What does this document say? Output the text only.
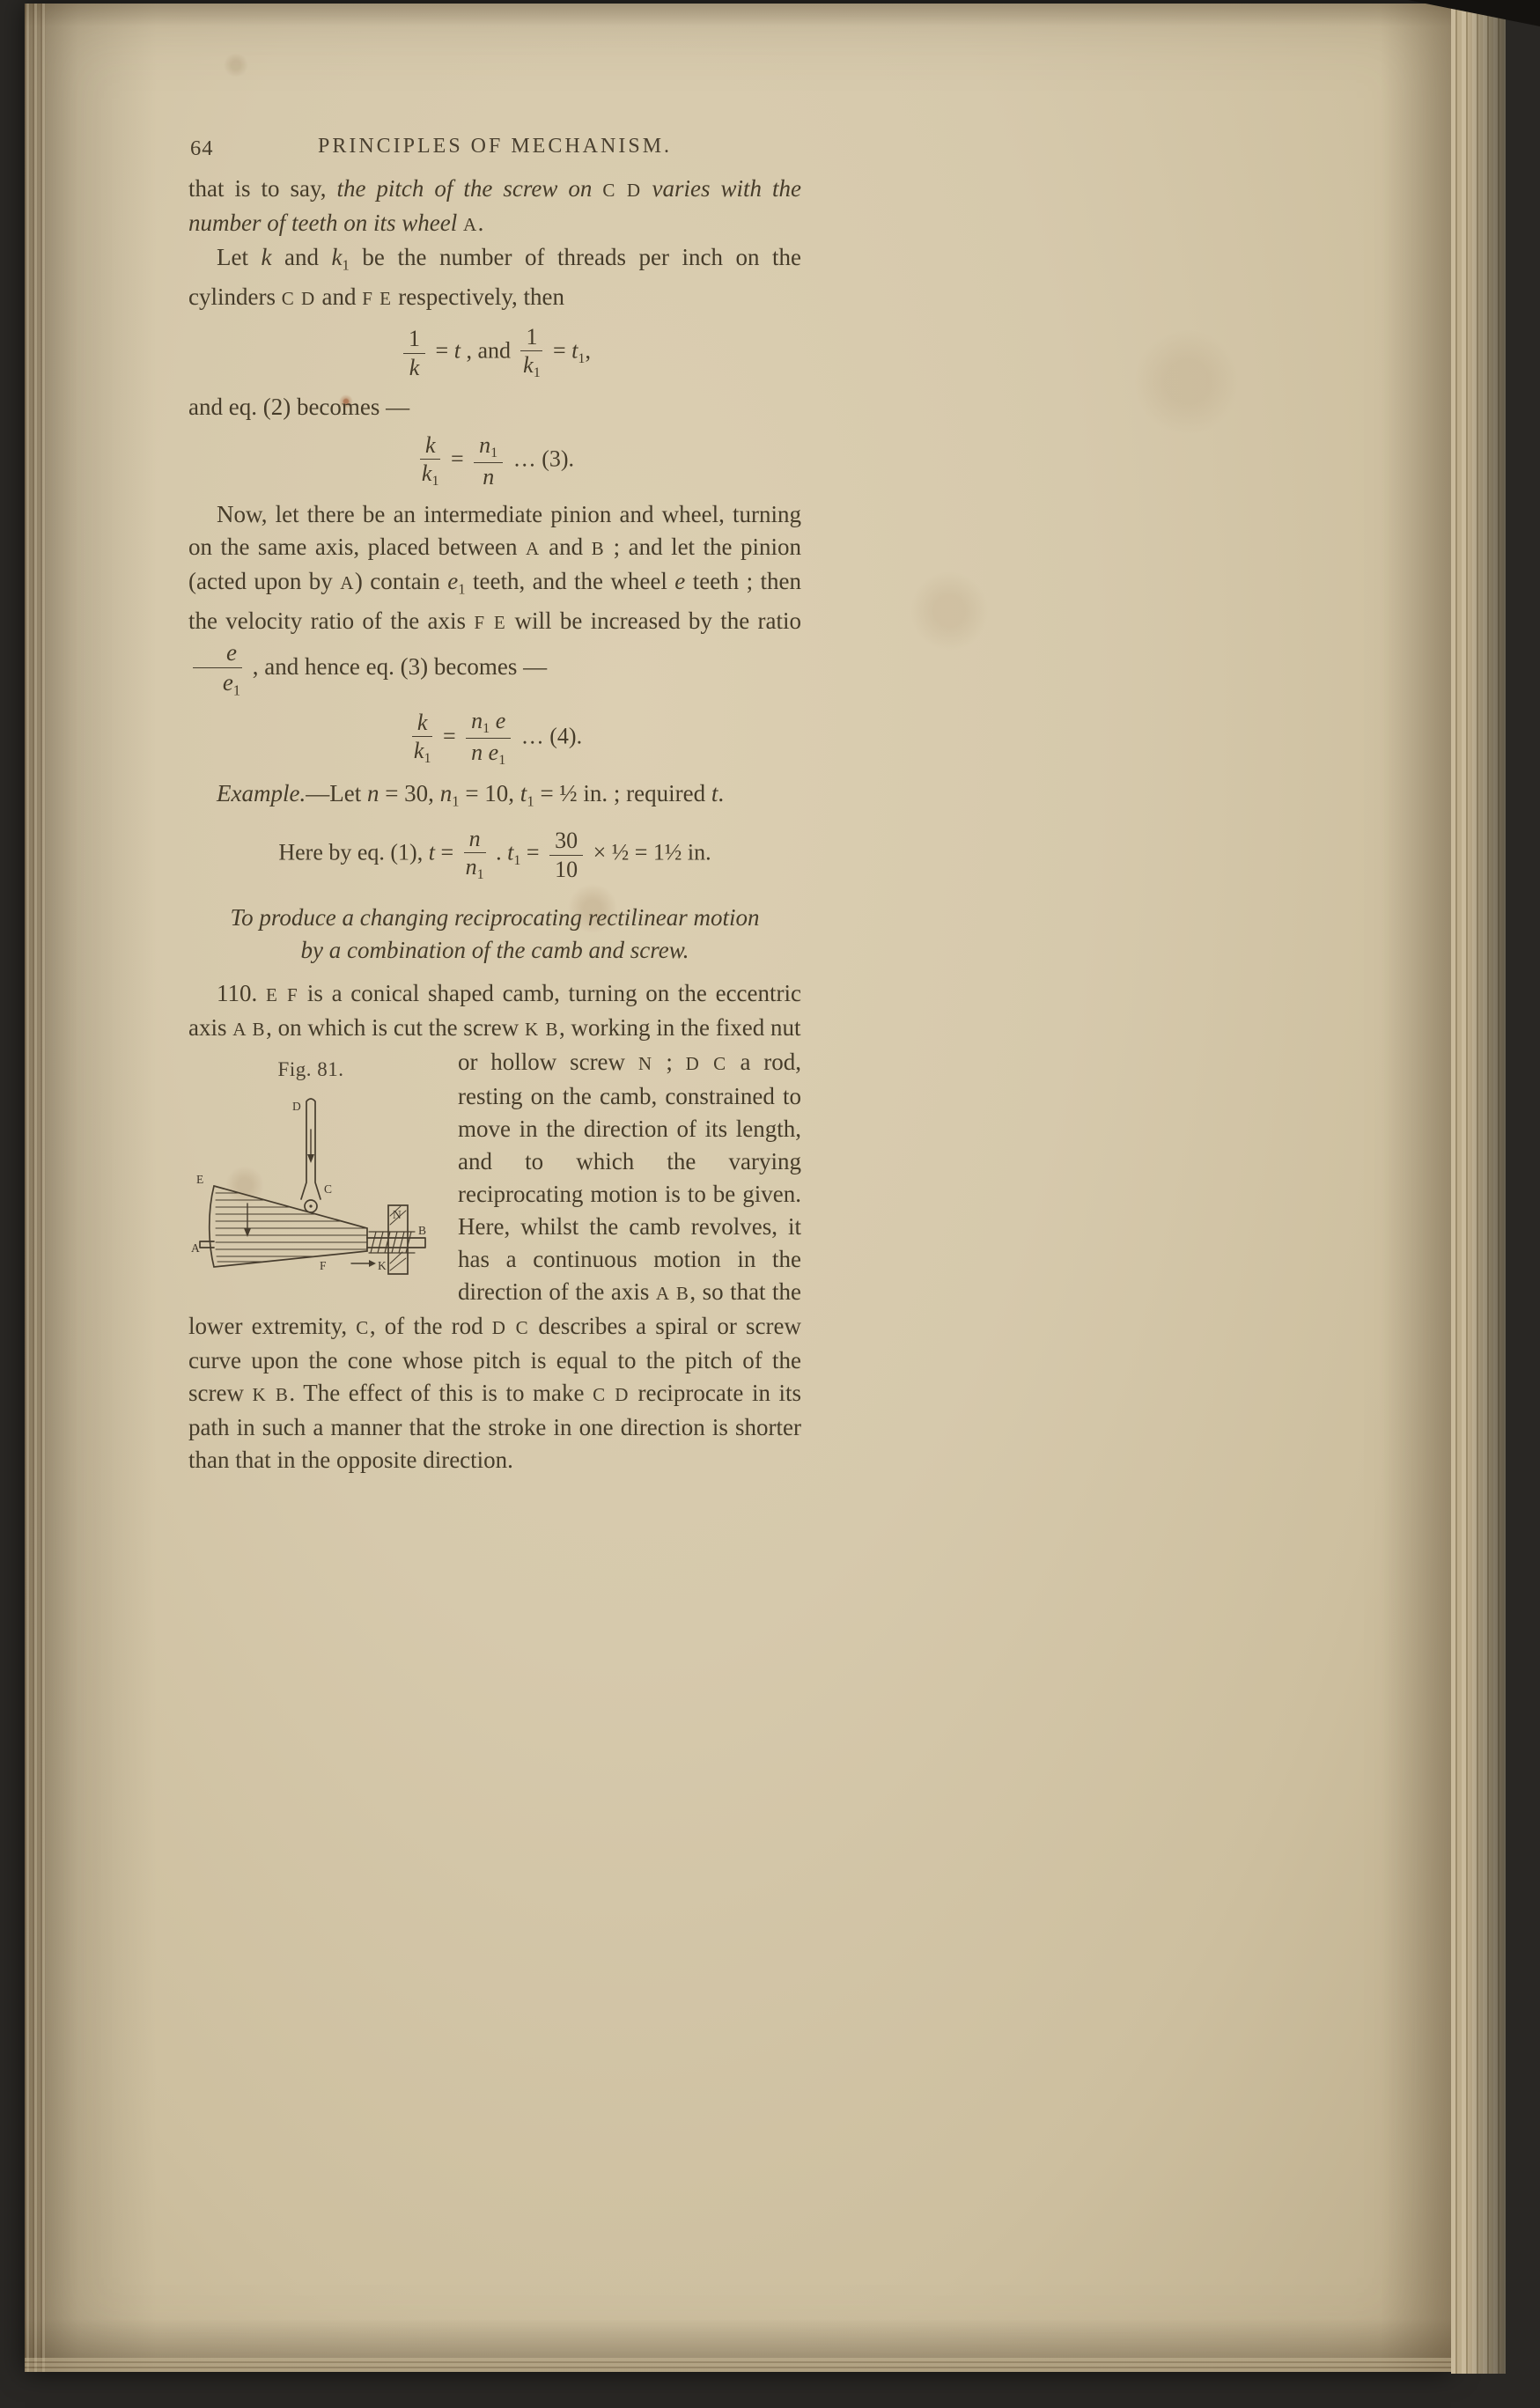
64	PRINCIPLES OF MECHANISM.

that is to say, the pitch of the screw on C D varies with the number of teeth on its wheel A.

Let k and $k_1$ be the number of threads per inch on the cylinders C D and F E respectively, then

$\frac{1}{k} = t$ , and $\frac{1}{k_1} = t_1$,

and eq. (2) becomes —

$\frac{k}{k_1} = \frac{n_1}{n}$ … (3).

Now, let there be an intermediate pinion and wheel, turning on the same axis, placed between A and B ; and let the pinion (acted upon by A) contain $e_1$ teeth, and the wheel e teeth ; then the velocity ratio of the axis F E will be increased by the ratio
$\frac{e}{e_1}$ , and hence eq. (3) becomes —

$\frac{k}{k_1} = \frac{n_1 e}{n e_1}$ … (4).

Example.—Let n = 30, $n_1 = 10$, $t_1$ = ½ in. ; required t.

Here by eq. (1), $t = \frac{n}{n_1}$ . $t_1 = \frac{30}{10}$ × ½ = 1½ in.
To produce a changing reciprocating rectilinear motion
by a combination of the camb and screw.

110. E F is a conical shaped camb, turning on the eccentric axis A B, on which is cut the screw K B, working in the fixed nut

Fig. 81.
D
C
E
A
B
N
K
F
or hollow screw N ; D C a rod, resting on the camb, constrained to move in the direction of its length, and to which the varying reciprocating motion is to be given. Here, whilst the camb revolves, it has a continuous motion in the direction of the axis A B, so that the lower extremity, C, of the rod D C describes a spiral or screw curve upon the cone whose pitch is equal to the pitch of the screw K B. The effect of this is to make C D reciprocate in its path in such a manner that the stroke in one direction is shorter than that in the opposite direction.
